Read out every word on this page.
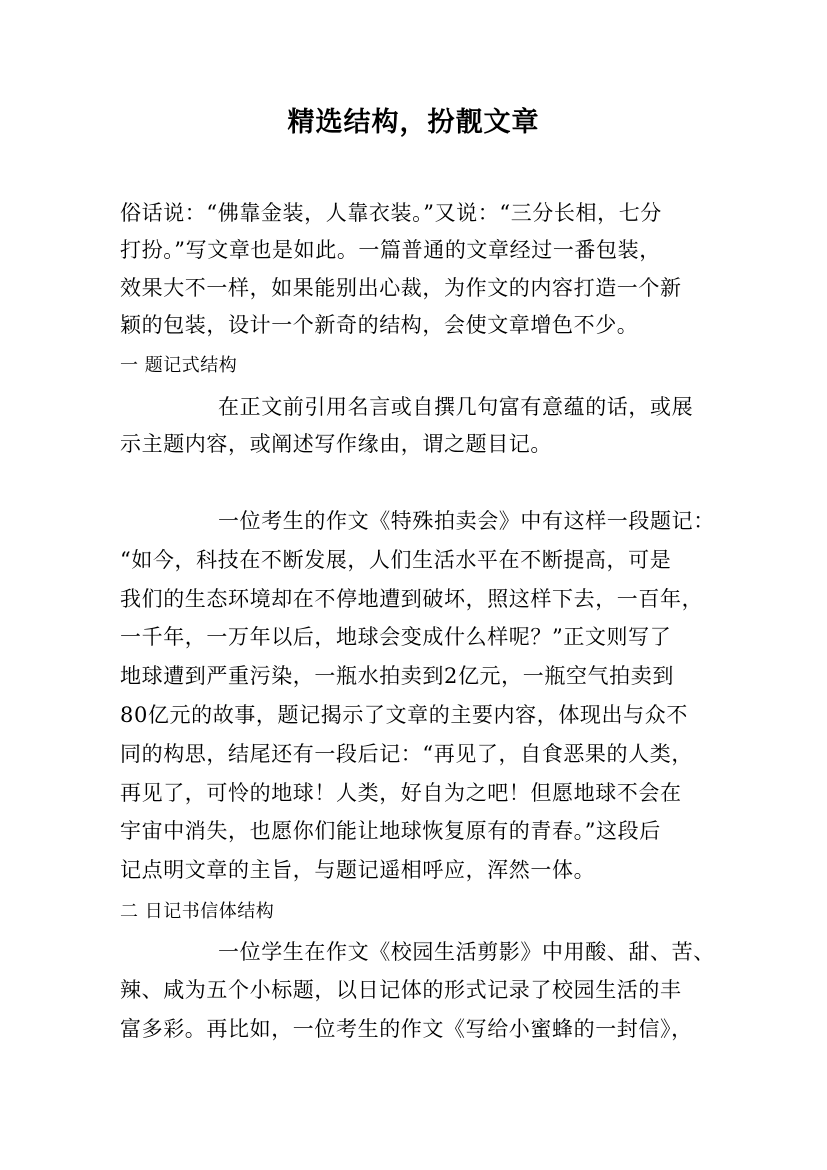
精选结构，扮靓文章
俗话说：“佛靠金装，人靠衣装。”又说：“三分长相，七分
打扮。”写文章也是如此。一篇普通的文章经过一番包装，
效果大不一样，如果能别出心裁，为作文的内容打造一个新
颖的包装，设计一个新奇的结构，会使文章增色不少。
一 题记式结构
在正文前引用名言或自撰几句富有意蕴的话，或展
示主题内容，或阐述写作缘由，谓之题目记。
一位考生的作文《特殊拍卖会》中有这样一段题记：
“如今，科技在不断发展，人们生活水平在不断提高，可是
我们的生态环境却在不停地遭到破坏，照这样下去，一百年，
一千年，一万年以后，地球会变成什么样呢？”正文则写了
地球遭到严重污染，一瓶水拍卖到2亿元，一瓶空气拍卖到
80亿元的故事，题记揭示了文章的主要内容，体现出与众不
同的构思，结尾还有一段后记：“再见了，自食恶果的人类，
再见了，可怜的地球！人类，好自为之吧！但愿地球不会在
宇宙中消失，也愿你们能让地球恢复原有的青春。”这段后
记点明文章的主旨，与题记遥相呼应，浑然一体。
二 日记书信体结构
一位学生在作文《校园生活剪影》中用酸、甜、苦、
辣、咸为五个小标题，以日记体的形式记录了校园生活的丰
富多彩。再比如，一位考生的作文《写给小蜜蜂的一封信》，
